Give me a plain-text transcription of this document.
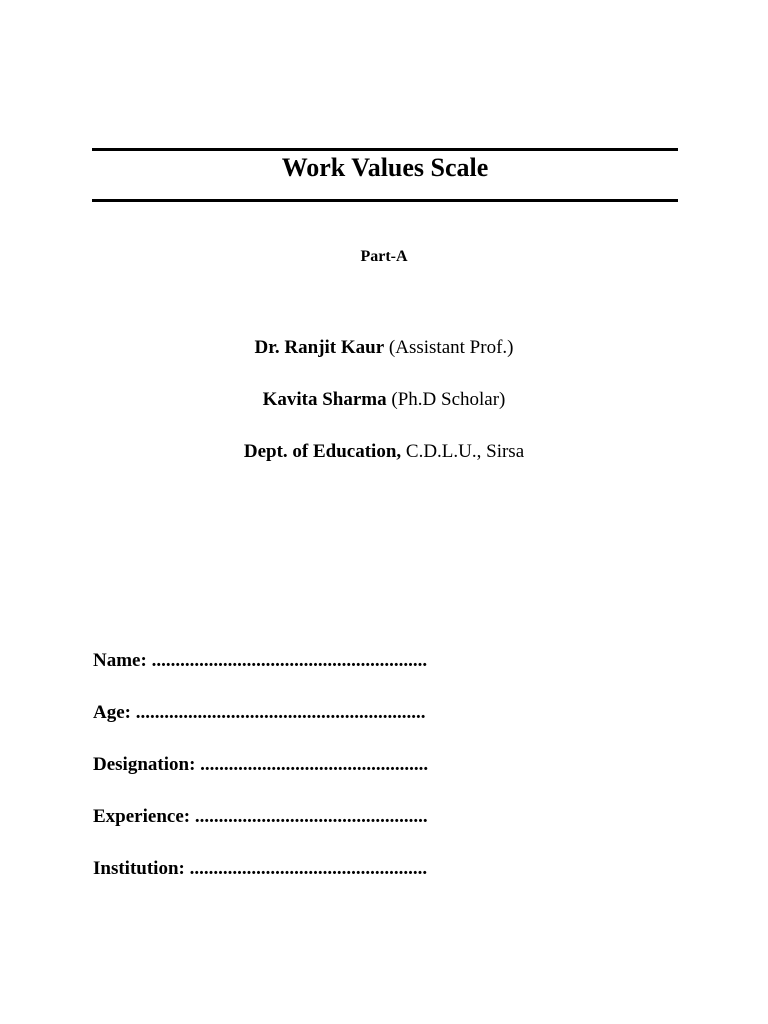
Work Values Scale
Part-A
Dr. Ranjit Kaur (Assistant Prof.)
Kavita Sharma (Ph.D Scholar)
Dept. of Education, C.D.L.U., Sirsa
Name: ..........................................................
Age: .............................................................
Designation: ................................................
Experience: .................................................
Institution: ..................................................
